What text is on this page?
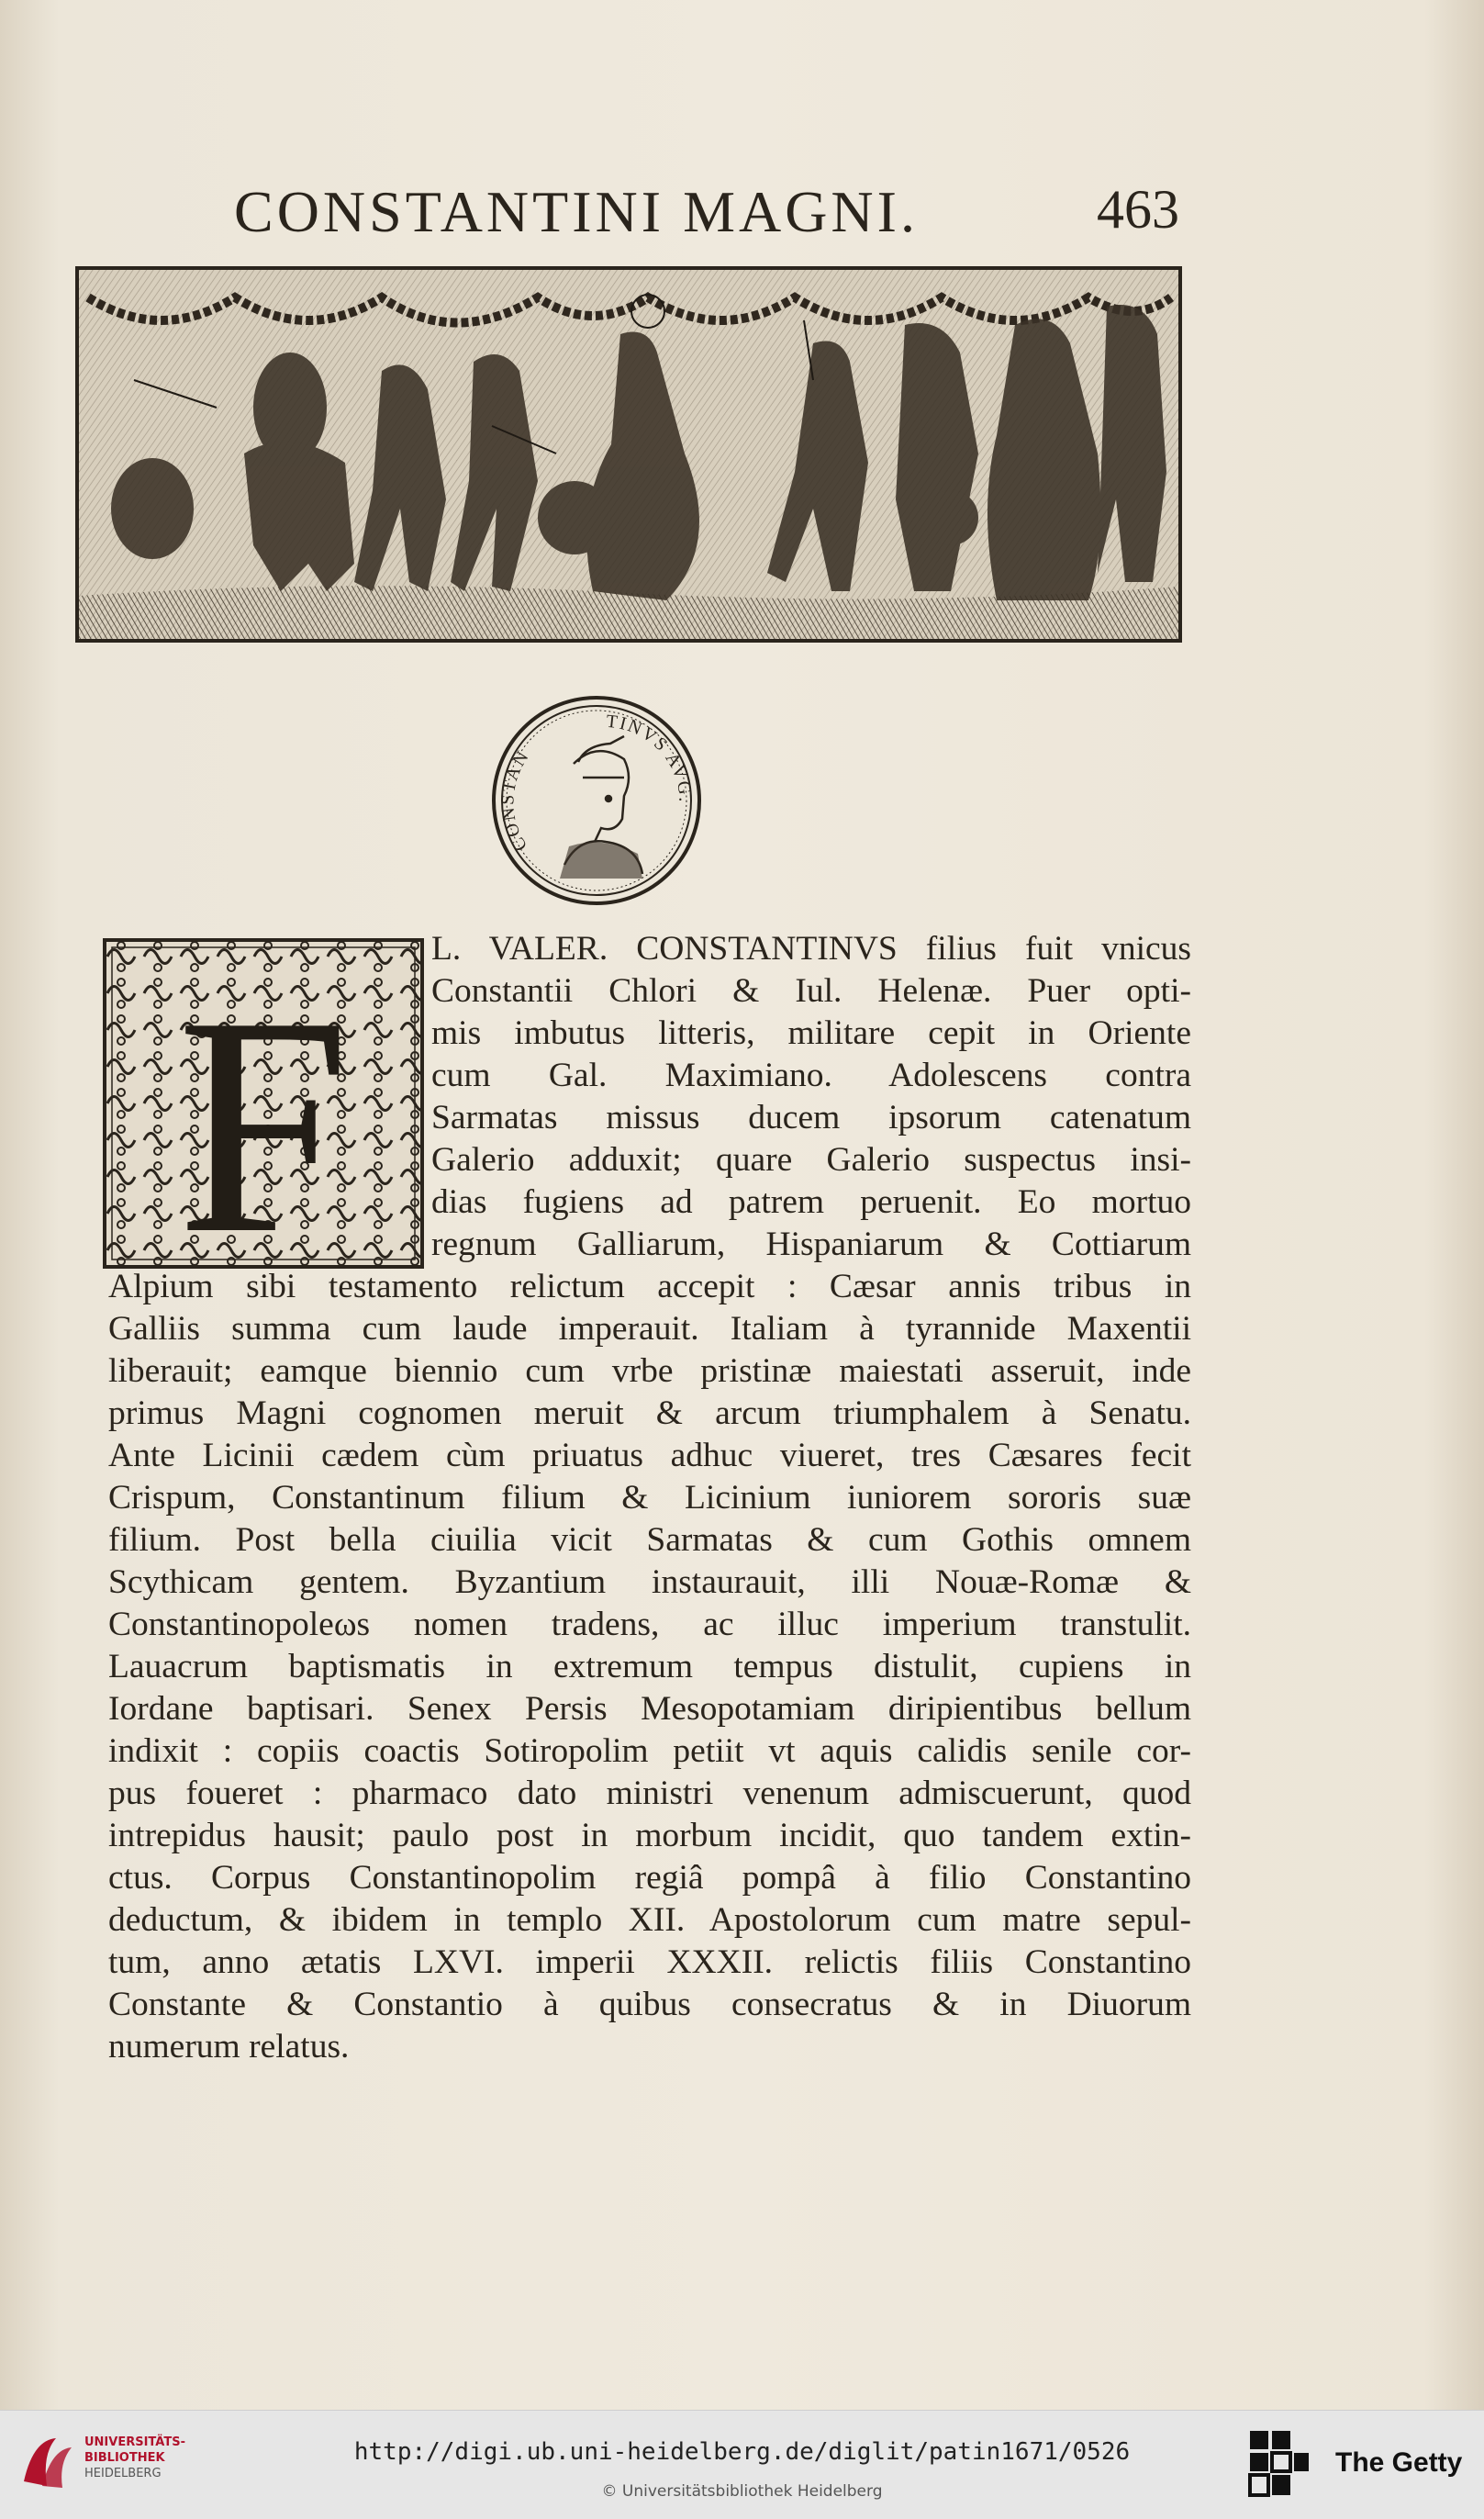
CONSTANTINI MAGNI.	463
CONSTAN
TINVS AVG.
F
L. VALER. CONSTANTINVS filius fuit vnicus
Constantii Chlori & Iul. Helenæ. Puer opti-
mis imbutus litteris, militare cepit in Oriente
cum Gal. Maximiano. Adolescens contra
Sarmatas missus ducem ipsorum catenatum
Galerio adduxit; quare Galerio suspectus insi-
dias fugiens ad patrem peruenit. Eo mortuo
regnum Galliarum, Hispaniarum & Cottiarum
Alpium sibi testamento relictum accepit : Cæsar annis tribus in
Galliis summa cum laude imperauit. Italiam à tyrannide Maxentii
liberauit; eamque biennio cum vrbe pristinæ maiestati asseruit, inde
primus Magni cognomen meruit & arcum triumphalem à Senatu.
Ante Licinii cædem cùm priuatus adhuc viueret, tres Cæsares fecit
Crispum, Constantinum filium & Licinium iuniorem sororis suæ
filium. Post bella ciuilia vicit Sarmatas & cum Gothis omnem
Scythicam gentem. Byzantium instaurauit, illi Nouæ-Romæ &
Constantinopoleωs nomen tradens, ac illuc imperium transtulit.
Lauacrum baptismatis in extremum tempus distulit, cupiens in
Iordane baptisari. Senex Persis Mesopotamiam diripientibus bellum
indixit : copiis coactis Sotiropolim petiit vt aquis calidis senile cor-
pus foueret : pharmaco dato ministri venenum admiscuerunt, quod
intrepidus hausit; paulo post in morbum incidit, quo tandem extin-
ctus. Corpus Constantinopolim regiâ pompâ à filio Constantino
deductum, & ibidem in templo XII. Apostolorum cum matre sepul-
tum, anno ætatis LXVI. imperii XXXII. relictis filiis Constantino
Constante & Constantio à quibus consecratus & in Diuorum
numerum relatus.
UNIVERSITÄTS-
BIBLIOTHEK
HEIDELBERG
http://digi.ub.uni-heidelberg.de/diglit/patin1671/0526
© Universitätsbibliothek Heidelberg
The Getty
